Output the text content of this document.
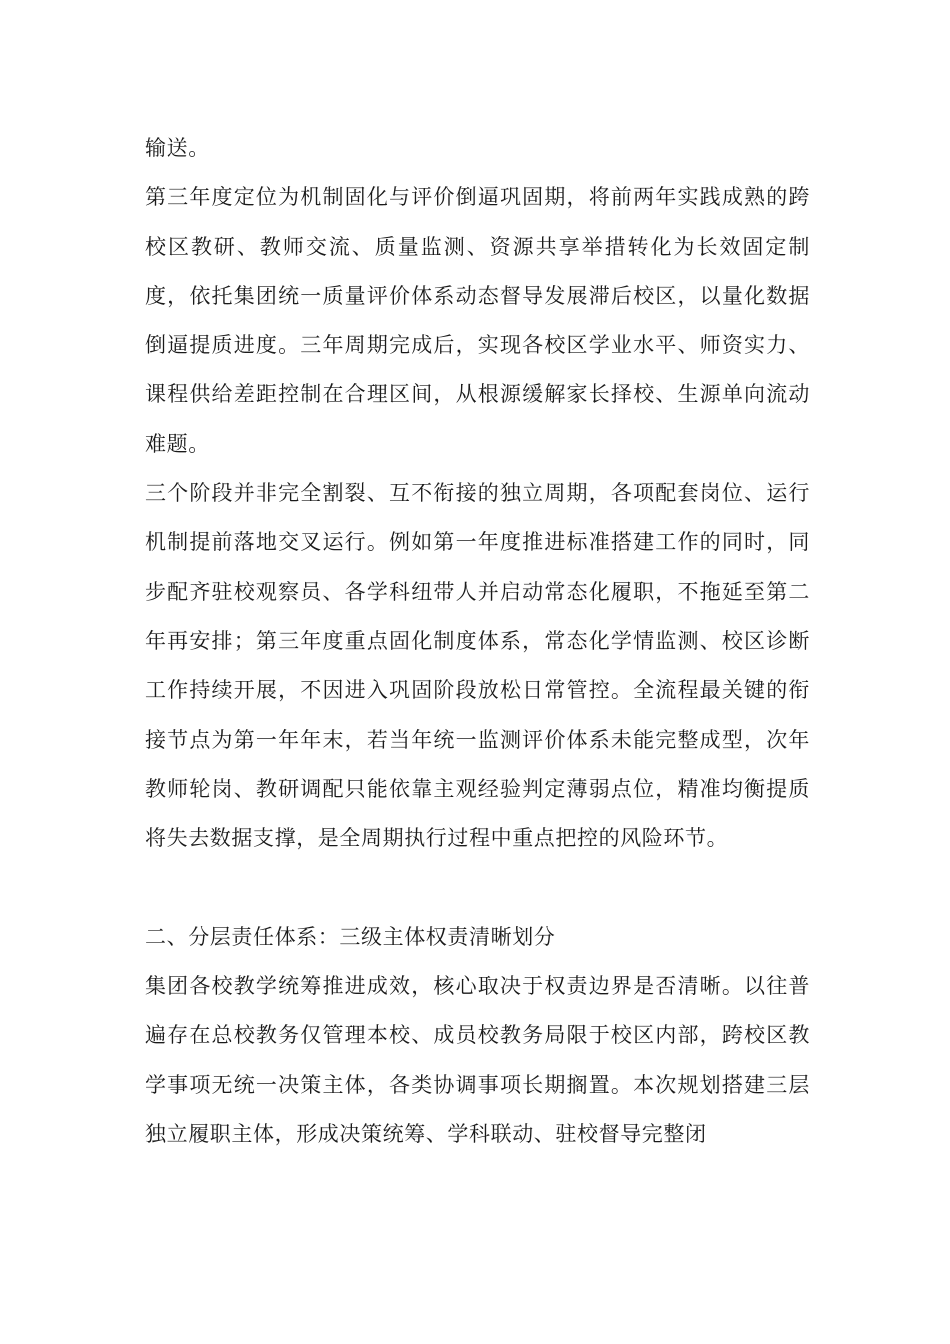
输送。

第三年度定位为机制固化与评价倒逼巩固期，将前两年实践成熟的跨校区教研、教师交流、质量监测、资源共享举措转化为长效固定制度，依托集团统一质量评价体系动态督导发展滞后校区，以量化数据倒逼提质进度。三年周期完成后，实现各校区学业水平、师资实力、课程供给差距控制在合理区间，从根源缓解家长择校、生源单向流动难题。

三个阶段并非完全割裂、互不衔接的独立周期，各项配套岗位、运行机制提前落地交叉运行。例如第一年度推进标准搭建工作的同时，同步配齐驻校观察员、各学科纽带人并启动常态化履职，不拖延至第二年再安排；第三年度重点固化制度体系，常态化学情监测、校区诊断工作持续开展，不因进入巩固阶段放松日常管控。全流程最关键的衔接节点为第一年年末，若当年统一监测评价体系未能完整成型，次年教师轮岗、教研调配只能依靠主观经验判定薄弱点位，精准均衡提质将失去数据支撑，是全周期执行过程中重点把控的风险环节。

二、分层责任体系：三级主体权责清晰划分

集团各校教学统筹推进成效，核心取决于权责边界是否清晰。以往普遍存在总校教务仅管理本校、成员校教务局限于校区内部，跨校区教学事项无统一决策主体，各类协调事项长期搁置。本次规划搭建三层独立履职主体，形成决策统筹、学科联动、驻校督导完整闭
